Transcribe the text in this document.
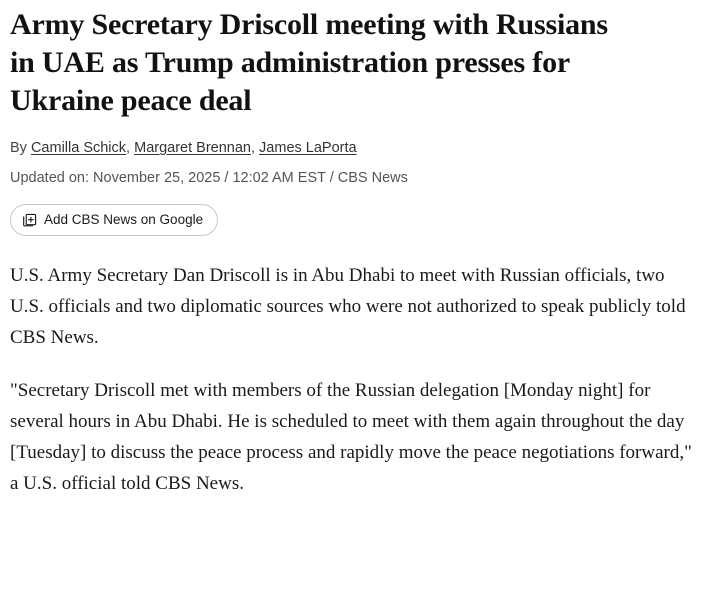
Army Secretary Driscoll meeting with Russians in UAE as Trump administration presses for Ukraine peace deal
By Camilla Schick, Margaret Brennan, James LaPorta
Updated on: November 25, 2025 / 12:02 AM EST / CBS News
Add CBS News on Google

U.S. Army Secretary Dan Driscoll is in Abu Dhabi to meet with Russian officials, two U.S. officials and two diplomatic sources who were not authorized to speak publicly told CBS News.

"Secretary Driscoll met with members of the Russian delegation [Monday night] for several hours in Abu Dhabi. He is scheduled to meet with them again throughout the day [Tuesday] to discuss the peace process and rapidly move the peace negotiations forward," a U.S. official told CBS News.
